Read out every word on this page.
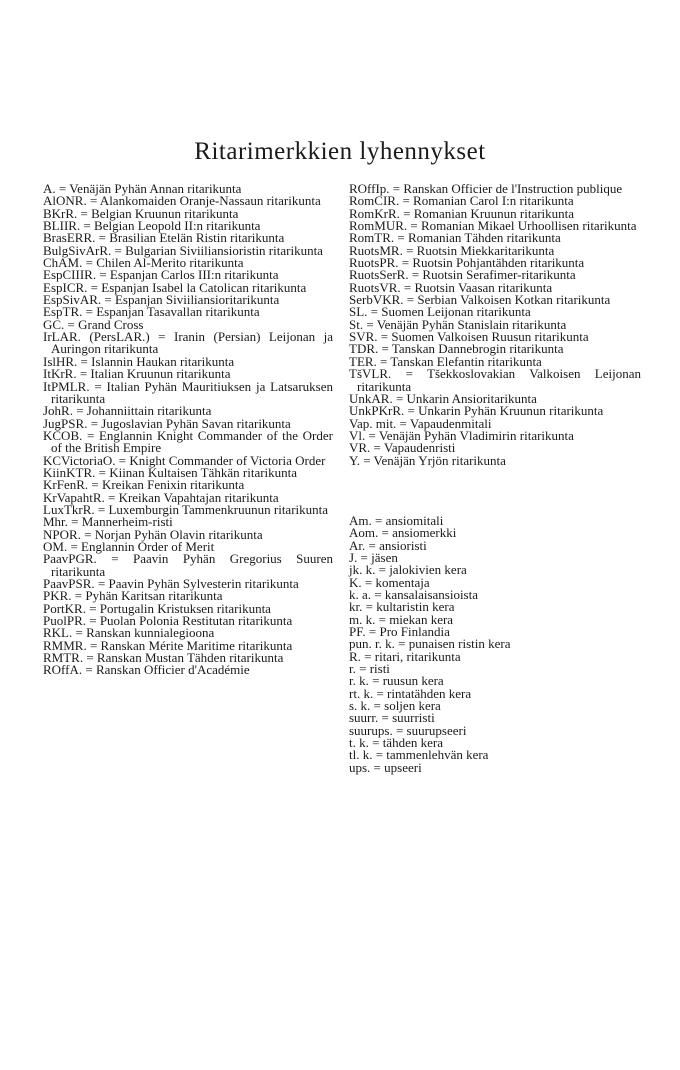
Ritarimerkkien lyhennykset

A. = Venäjän Pyhän Annan ritarikunta

AlONR. = Alankomaiden Oranje-Nassaun ritarikunta

BKrR. = Belgian Kruunun ritarikunta

BLIIR. = Belgian Leopold II:n ritarikunta

BrasERR. = Brasilian Etelän Ristin ritarikunta

BulgSivArR. = Bulgarian Siviiliansioristin ritarikunta

ChAM. = Chilen Al-Merito ritarikunta

EspCIIIR. = Espanjan Carlos III:n ritarikunta

EspICR. = Espanjan Isabel la Catolican ritarikunta

EspSivAR. = Espanjan Siviiliansioritarikunta

EspTR. = Espanjan Tasavallan ritarikunta

GC. = Grand Cross

IrLAR. (PersLAR.) = Iranin (Persian) Leijonan ja Auringon ritarikunta

IslHR. = Islannin Haukan ritarikunta

ItKrR. = Italian Kruunun ritarikunta

ItPMLR. = Italian Pyhän Mauritiuksen ja Latsaruksen ritarikunta

JohR. = Johanniittain ritarikunta

JugPSR. = Jugoslavian Pyhän Savan ritarikunta

KCOB. = Englannin Knight Commander of the Order of the British Empire

KCVictoriaO. = Knight Commander of Victoria Order

KiinKTR. = Kiinan Kultaisen Tähkän ritarikunta

KrFenR. = Kreikan Fenixin ritarikunta

KrVapahtR. = Kreikan Vapahtajan ritarikunta

LuxTkrR. = Luxemburgin Tammenkruunun ritarikunta

Mhr. = Mannerheim-risti

NPOR. = Norjan Pyhän Olavin ritarikunta

OM. = Englannin Order of Merit

PaavPGR. = Paavin Pyhän Gregorius Suuren ritarikunta

PaavPSR. = Paavin Pyhän Sylvesterin ritarikunta

PKR. = Pyhän Karitsan ritarikunta

PortKR. = Portugalin Kristuksen ritarikunta

PuolPR. = Puolan Polonia Restitutan ritarikunta

RKL. = Ranskan kunnialegioona

RMMR. = Ranskan Mérite Maritime ritarikunta

RMTR. = Ranskan Mustan Tähden ritarikunta

ROffA. = Ranskan Officier d'Académie

ROffIp. = Ranskan Officier de l'Instruction publique

RomCIR. = Romanian Carol I:n ritarikunta

RomKrR. = Romanian Kruunun ritarikunta

RomMUR. = Romanian Mikael Urhoollisen ritarikunta

RomTR. = Romanian Tähden ritarikunta

RuotsMR. = Ruotsin Miekkaritarikunta

RuotsPR. = Ruotsin Pohjantähden ritarikunta

RuotsSerR. = Ruotsin Serafimer-ritarikunta

RuotsVR. = Ruotsin Vaasan ritarikunta

SerbVKR. = Serbian Valkoisen Kotkan ritarikunta

SL. = Suomen Leijonan ritarikunta

St. = Venäjän Pyhän Stanislain ritarikunta

SVR. = Suomen Valkoisen Ruusun ritarikunta

TDR. = Tanskan Dannebrogin ritarikunta

TER. = Tanskan Elefantin ritarikunta

TšVLR. = Tšekkoslovakian Valkoisen Leijonan ritarikunta

UnkAR. = Unkarin Ansioritarikunta

UnkPKrR. = Unkarin Pyhän Kruunun ritarikunta

Vap. mit. = Vapaudenmitali

Vl. = Venäjän Pyhän Vladimirin ritarikunta

VR. = Vapaudenristi

Y. = Venäjän Yrjön ritarikunta

Am. = ansiomitali

Aom. = ansiomerkki

Ar. = ansioristi

J. = jäsen

jk. k. = jalokivien kera

K. = komentaja

k. a. = kansalaisansioista

kr. = kultaristin kera

m. k. = miekan kera

PF. = Pro Finlandia

pun. r. k. = punaisen ristin kera

R. = ritari, ritarikunta

r. = risti

r. k. = ruusun kera

rt. k. = rintatähden kera

s. k. = soljen kera

suurr. = suurristi

suurups. = suurupseeri

t. k. = tähden kera

tl. k. = tammenlehvän kera

ups. = upseeri
